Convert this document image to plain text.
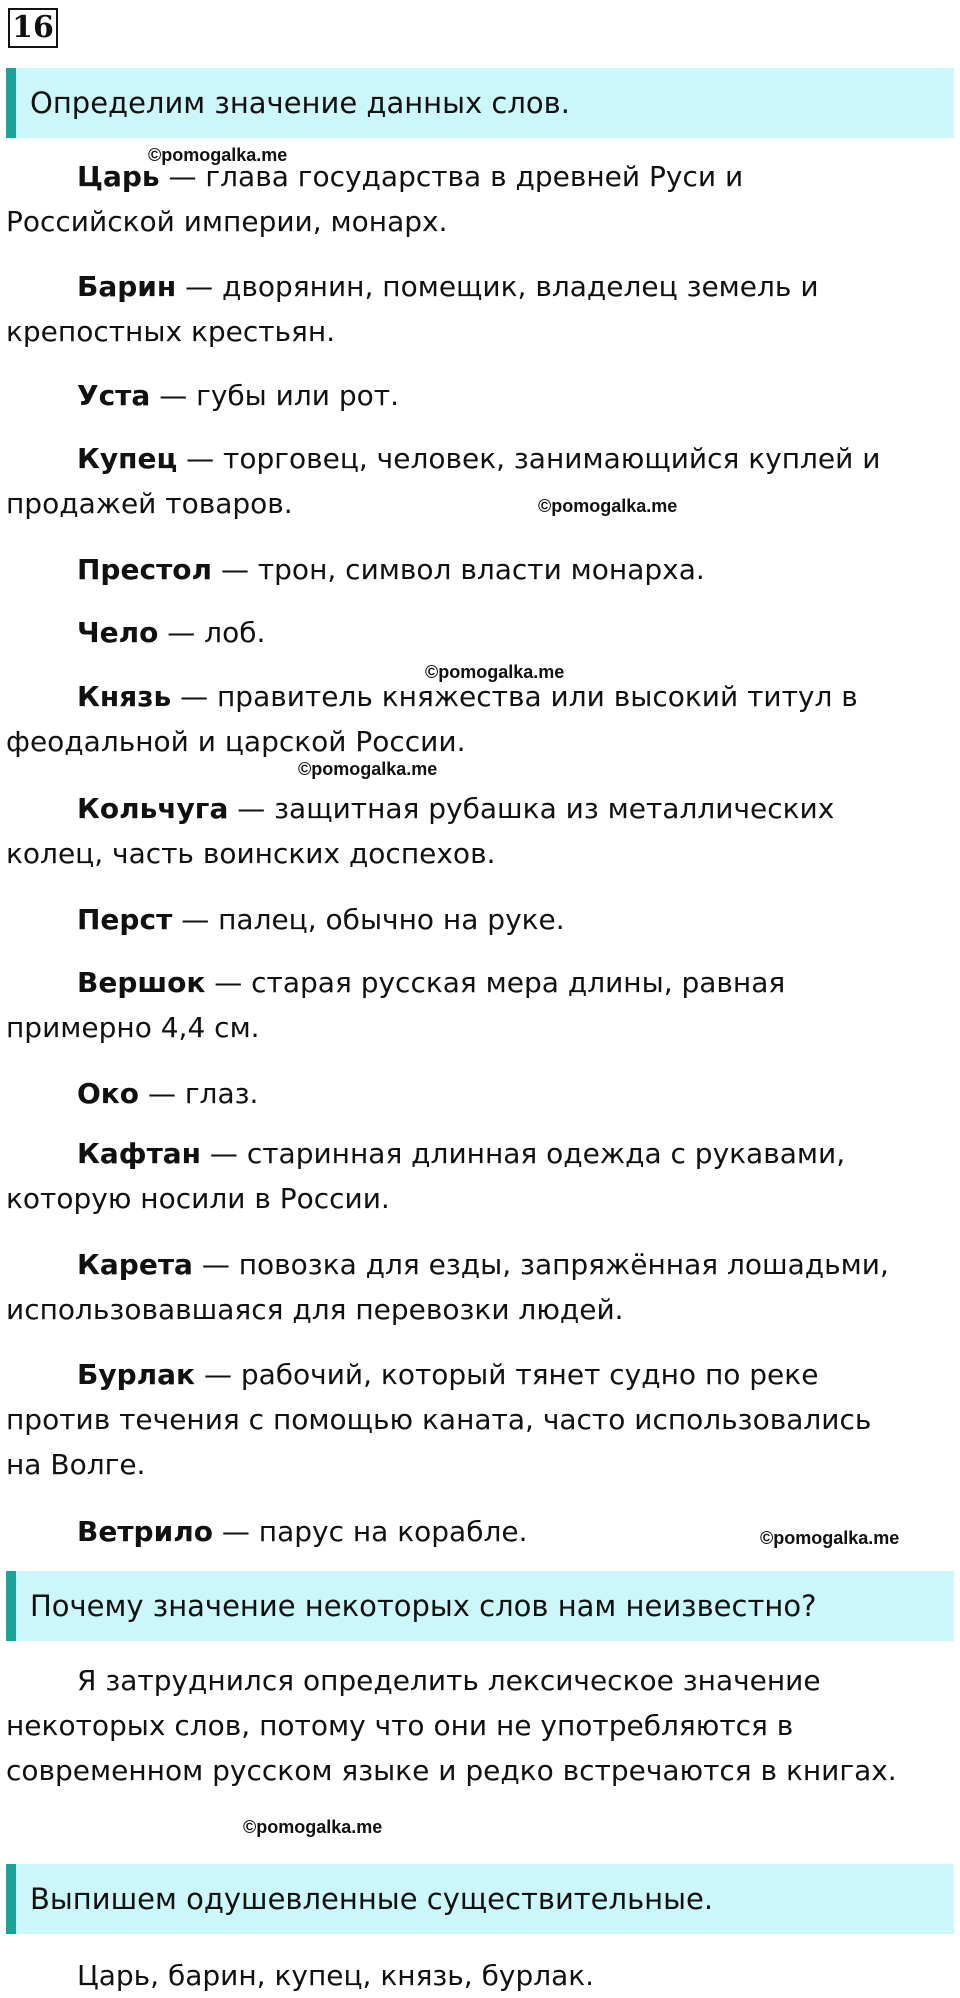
16
Определим значение данных слов.

Царь — глава государства в древней Руси и Российской империи, монарх.

Барин — дворянин, помещик, владелец земель и крепостных крестьян.

Уста — губы или рот.

Купец — торговец, человек, занимающийся куплей и продажей товаров.

Престол — трон, символ власти монарха.

Чело — лоб.

Князь — правитель княжества или высокий титул в феодальной и царской России.

Кольчуга — защитная рубашка из металлических колец, часть воинских доспехов.

Перст — палец, обычно на руке.

Вершок — старая русская мера длины, равная примерно 4,4 см.

Око — глаз.

Кафтан — старинная длинная одежда с рукавами, которую носили в России.

Карета — повозка для езды, запряжённая лошадьми, использовавшаяся для перевозки людей.

Бурлак — рабочий, который тянет судно по реке против течения с помощью каната, часто использовались на Волге.

Ветрило — парус на корабле.

Почему значение некоторых слов нам неизвестно?

Я затруднился определить лексическое значение некоторых слов, потому что они не употребляются в современном русском языке и редко встречаются в книгах.

Выпишем одушевленные существительные.

Царь, барин, купец, князь, бурлак.

©pomogalka.me
©pomogalka.me
©pomogalka.me
©pomogalka.me
©pomogalka.me
©pomogalka.me
